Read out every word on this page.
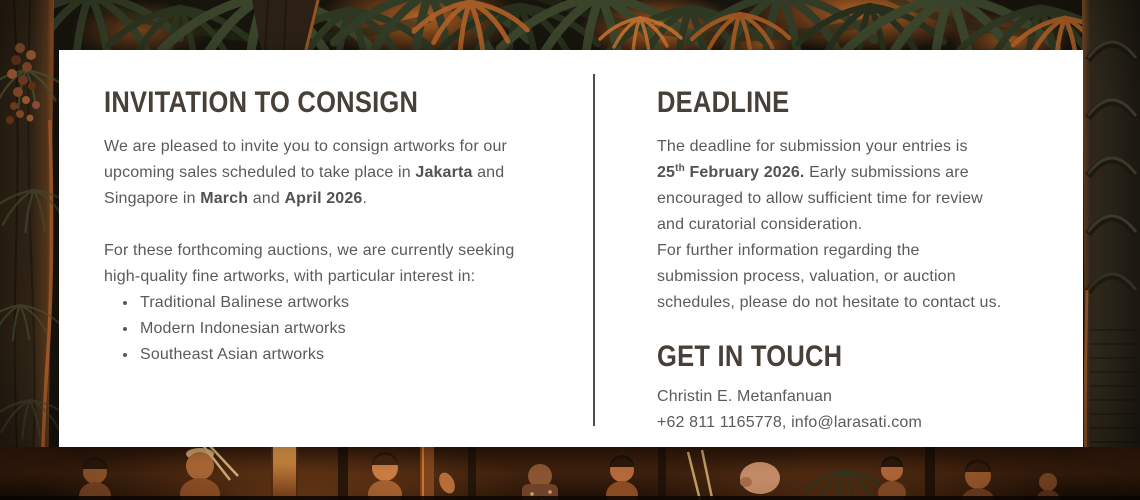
INVITATION TO CONSIGN

We are pleased to invite you to consign artworks for our
upcoming sales scheduled to take place in Jakarta and
Singapore in March and April 2026.

For these forthcoming auctions, we are currently seeking
high-quality fine artworks, with particular interest in:

• Traditional Balinese artworks
• Modern Indonesian artworks
• Southeast Asian artworks
DEADLINE

The deadline for submission your entries is
25th February 2026. Early submissions are
encouraged to allow sufficient time for review
and curatorial consideration.
For further information regarding the
submission process, valuation, or auction
schedules, please do not hesitate to contact us.

GET IN TOUCH

Christin E. Metanfanuan

+62 811 1165778, info@larasati.com
